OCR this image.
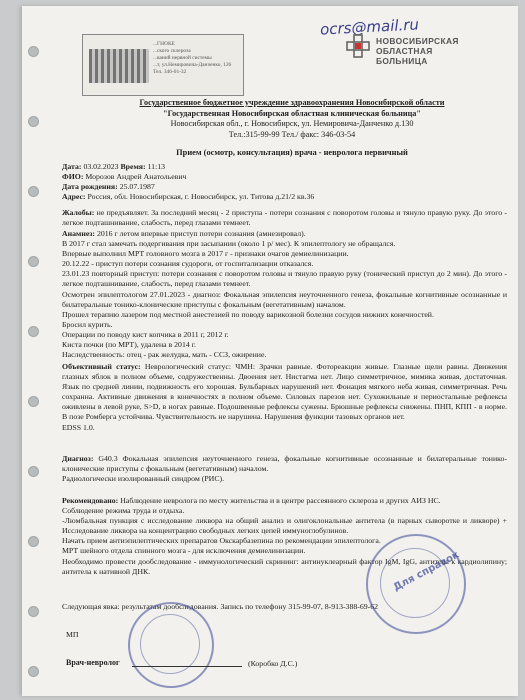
ocrs@mail.ru
...ГНОКЕ
...ского склероза
...ваний нервной системы
...т, ул.Немировича-Данченко, 126
Тел. 346-01-32
НОВОСИБИРСКАЯ
ОБЛАСТНАЯ
БОЛЬНИЦА
Государственное бюджетное учреждение здравоохранения Новосибирской области
"Государственная Новосибирская областная клиническая больница"
Новосибирская обл., г. Новосибирск, ул. Немировича-Данченко д.130
Тел.:315-99-99 Тел./ факс: 346-03-54
Прием (осмотр, консультация) врача - невролога первичный
Дата: 03.02.2023 Время: 11:13
ФИО: Морозов Андрей Анатольевич
Дата рождения: 25.07.1987
Адрес: Россия, обл. Новосибирская, г. Новосибирск, ул. Титова д.21/2 кв.36
Жалобы: не предъявляет. За последний месяц - 2 приступа - потери сознания с поворотом головы и тянулo правую руку. До этого - легкое подташнивание, слабость, перед глазами темнеет.
Анамнез: 2016 г летом впервые приступ потери сознания (амнезировал).
В 2017 г стал замечать подергивания при засыпании (около 1 р/ мес). К эпилептологу не обращался.
Впервые выполнил МРТ головного мозга в 2017 г - признаки очагов демиелинизации.
20.12.22 - приступ потери сознания судороги, от госпитализации отказался.
23.01.23 повторный приступ: потери сознания с поворотом головы и тянуло правую руку (тонический приступ до 2 мин). До этого - легкое подташнивание, слабость, перед глазами темнеет.
Осмотрен эпилептологом 27.01.2023 - диагноз: Фокальная эпилепсия неуточненного генеза, фокальные когнитивные осознанные и билатеральные тонико-клонические приступы с фокальным (вегетативным) началом.
Прошел терапию лазером под местной анестезией по поводу варикозной болезни сосудов нижних конечностей.
Бросил курить.
Операции по поводу кист копчика в 2011 г, 2012 г.
Киста почки (по МРТ), удалена в 2014 г.
Наследственность: отец - рак желудка, мать - ССЗ, ожирение.
Объективный статус: Неврологический статус: ЧМН: Зрачки равные. Фотореакции живые. Глазные щели равны. Движения глазных яблок в полном объеме, содружественны. Двоения нет. Нистагма нет. Лицо симметричное, мимика живая, достаточная. Язык по средней линии, подвижность его хорошая. Бульбарных нарушений нет. Фонация мягкого неба живая, симметричная. Речь сохранна. Активные движения в конечностях в полном объеме. Силовых парезов нет. Сухожильные и периостальные рефлексы оживлены в левой руке, S>D, в ногах равные. Подошвенные рефлексы сужены. Брюшные рефлексы снижены. ПНП, КПП - в норме. В позе Ромберга устойчива. Чувствительность не нарушена. Нарушения функции тазовых органов нет.
EDSS 1.0.
Диагноз: G40.3 Фокальная эпилепсия неуточненного генеза, фокальные когнитивные осознанные и билатеральные тонико-клонические приступы с фокальным (вегетативным) началом.
Радиологически изолированный синдром (РИС).
Рекомендовано: Наблюдение невролога по месту жительства и в центре рассеянного склероза и других АИЗ НС.
Соблюдение режима труда и отдыха.
-Люмбальная пункция с исследование ликвора на общий анализ и олигоклональные антитела (в парных сыворотке и ликворе) + Исследование ликвора на концентрацию свободных легких цепей иммуноглобулинов.
Начать прием антиэпилептических препаратов Окскарбазепина по рекомендации эпилептолога.
МРТ шейного отдела спинного мозга - для исключения демиелинизации.
Необходимо провести дообследование - иммунологический скрининг: антинуклеарный фактор IgM, IgG, антитела к кардиолипину; антитела к нативной ДНК.
Следующая явка: результатам дообследования. Запись по телефону 315-99-07, 8-913-388-69-62
МП
Для справок
Врач-невролог	(Коробко Д.С.)
